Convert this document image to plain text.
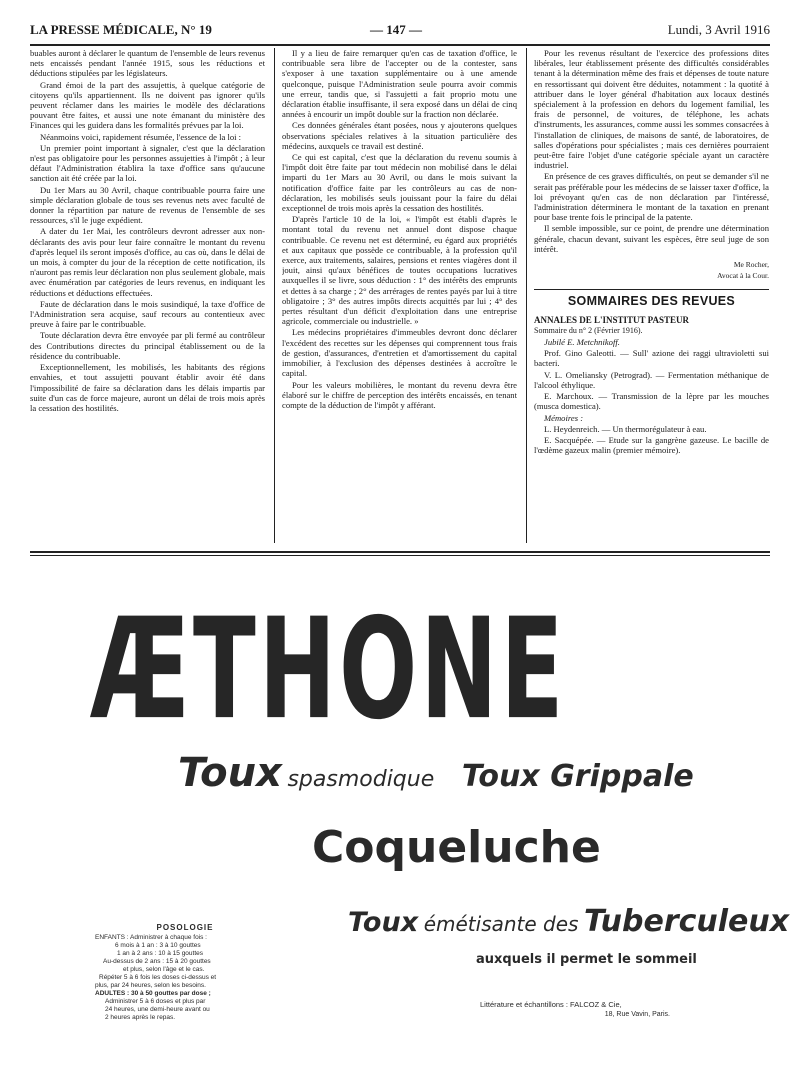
LA PRESSE MÉDICALE, N° 19	— 147 —	Lundi, 3 Avril 1916

buables auront à déclarer le quantum de l'ensemble de leurs revenus nets encaissés pendant l'année 1915, sous les réductions et déductions stipulées par les législateurs.

Grand émoi de la part des assujettis, à quelque catégorie de citoyens qu'ils appartiennent. Ils ne doivent pas ignorer qu'ils peuvent réclamer dans les mairies le modèle des déclarations pouvant être faites, et aussi une note émanant du ministère des Finances qui les guidera dans les formalités prévues par la loi.

Néanmoins voici, rapidement résumée, l'essence de la loi :

Un premier point important à signaler, c'est que la déclaration n'est pas obligatoire pour les personnes assujetties à l'impôt ; à leur défaut l'Administration établira la taxe d'office sans qu'aucune sanction ait été créée par la loi.

Du 1er Mars au 30 Avril, chaque contribuable pourra faire une simple déclaration globale de tous ses revenus nets avec faculté de donner la répartition par nature de revenus de l'ensemble de ses ressources, s'il le juge expédient.

A dater du 1er Mai, les contrôleurs devront adresser aux non-déclarants des avis pour leur faire connaître le montant du revenu d'après lequel ils seront imposés d'office, au cas où, dans le délai de un mois, à compter du jour de la réception de cette notification, ils n'auront pas remis leur déclaration non plus seulement globale, mais avec énumération par catégories de leurs revenus, en indiquant les réductions et déductions effectuées.

Faute de déclaration dans le mois susindiqué, la taxe d'office de l'Administration sera acquise, sauf recours au contentieux avec preuve à faire par le contribuable.

Toute déclaration devra être envoyée par pli fermé au contrôleur des Contributions directes du principal établissement ou de la résidence du contribuable.

Exceptionnellement, les mobilisés, les habitants des régions envahies, et tout assujetti pouvant établir avoir été dans l'impossibilité de faire sa déclaration dans les délais impartis par suite d'un cas de force majeure, auront un délai de trois mois après la cessation des hostilités.

Il y a lieu de faire remarquer qu'en cas de taxation d'office, le contribuable sera libre de l'accepter ou de la contester, sans s'exposer à une taxation supplémentaire ou à une amende quelconque, puisque l'Administration seule pourra avoir commis une erreur, tandis que, si l'assujetti a fait proprio motu une déclaration établie insuffisante, il sera exposé dans un délai de cinq années à encourir un impôt double sur la fraction non déclarée.

Ces données générales étant posées, nous y ajouterons quelques observations spéciales relatives à la situation particulière des médecins, auxquels ce travail est destiné.

Ce qui est capital, c'est que la déclaration du revenu soumis à l'impôt doit être faite par tout médecin non mobilisé dans le délai imparti du 1er Mars au 30 Avril, ou dans le mois suivant la notification d'office faite par les contrôleurs au cas de non-déclaration, les mobilisés seuls jouissant pour la faire du délai exceptionnel de trois mois après la cessation des hostilités.

D'après l'article 10 de la loi, « l'impôt est établi d'après le montant total du revenu net annuel dont dispose chaque contribuable. Ce revenu net est déterminé, eu égard aux propriétés et aux capitaux que possède ce contribuable, à la profession qu'il exerce, aux traitements, salaires, pensions et rentes viagères dont il jouit, ainsi qu'aux bénéfices de toutes occupations lucratives auxquelles il se livre, sous déduction : 1° des intérêts des emprunts et dettes à sa charge ; 2° des arrérages de rentes payés par lui à titre obligatoire ; 3° des autres impôts directs acquittés par lui ; 4° des pertes résultant d'un déficit d'exploitation dans une entreprise agricole, commerciale ou industrielle. »

Les médecins propriétaires d'immeubles devront donc déclarer l'excédent des recettes sur les dépenses qui comprennent tous frais de gestion, d'assurances, d'entretien et d'amortissement du capital immobilier, à l'exclusion des dépenses destinées à accroître le capital.

Pour les valeurs mobilières, le montant du revenu devra être élaboré sur le chiffre de perception des intérêts encaissés, en tenant compte de la déduction de l'impôt y afférant.

Pour les revenus résultant de l'exercice des professions dites libérales, leur établissement présente des difficultés considérables tenant à la détermination même des frais et dépenses de toute nature en ressortissant qui doivent être déduites, notamment : la quotité à attribuer dans le loyer général d'habitation aux locaux destinés spécialement à la profession en dehors du logement familial, les frais de personnel, de voitures, de téléphone, les achats d'instruments, les assurances, comme aussi les sommes consacrées à l'installation de cliniques, de maisons de santé, de laboratoires, de salles d'opérations pour spécialistes ; mais ces dernières pourraient peut-être faire l'objet d'une catégorie spéciale ayant un caractère industriel.

En présence de ces graves difficultés, on peut se demander s'il ne serait pas préférable pour les médecins de se laisser taxer d'office, la loi prévoyant qu'en cas de non déclaration par l'intéressé, l'administration déterminera le montant de la taxation en prenant pour base trente fois le principal de la patente.

Il semble impossible, sur ce point, de prendre une détermination générale, chacun devant, suivant les espèces, être seul juge de son intérêt.

Me Rocher,

Avocat à la Cour.

SOMMAIRES DES REVUES

ANNALES DE L'INSTITUT PASTEUR

Sommaire du n° 2 (Février 1916).

Jubilé E. Metchnikoff.

Prof. Gino Galeotti. — Sull' azione dei raggi ultravioletti sui bacteri.

V. L. Omeliansky (Petrograd). — Fermentation méthanique de l'alcool éthylique.

E. Marchoux. — Transmission de la lèpre par les mouches (musca domestica).

Mémoires :

L. Heydenreich. — Un thermorégulateur à eau.

E. Sacquépée. — Etude sur la gangrène gazeuse. Le bacille de l'œdème gazeux malin (premier mémoire).

ÆTHONE
Toux spasmodique Toux Grippale
Coqueluche
Toux émétisante des Tuberculeux
auxquels il permet le sommeil
POSOLOGIE
ENFANTS : Administrer à chaque fois :
6 mois à 1 an : 3 à 10 gouttes
1 an à 2 ans : 10 à 15 gouttes
Au-dessus de 2 ans : 15 à 20 gouttes
et plus, selon l'âge et le cas.
Répéter 5 à 6 fois les doses ci-dessus et
plus, par 24 heures, selon les besoins.
ADULTES : 30 à 50 gouttes par dose ;
Administrer 5 à 6 doses et plus par
24 heures, une demi-heure avant ou
2 heures après le repas.
Littérature et échantillons : FALCOZ & Cie,
18, Rue Vavin, Paris.
